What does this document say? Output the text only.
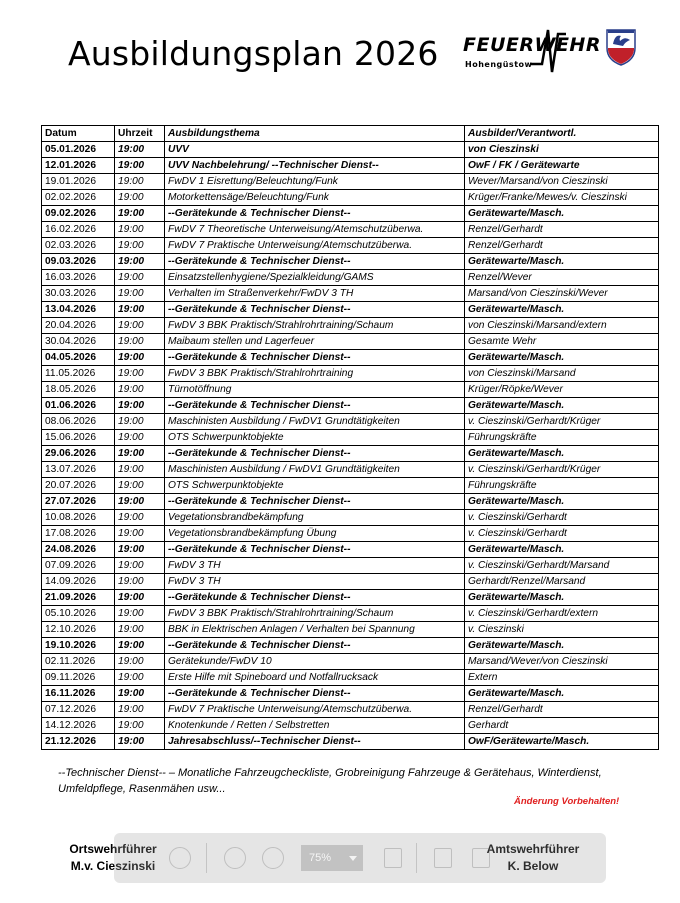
Ausbildungsplan 2026 FEUERWEHR
Hohengüstow
Datum	Uhrzeit	Ausbildungsthema	Ausbilder/Verantwortl.
05.01.2026	19:00	UVV	von Cieszinski
12.01.2026	19:00	UVV Nachbelehrung/ --Technischer Dienst--	OwF / FK / Gerätewarte
19.01.2026	19:00	FwDV 1 Eisrettung/Beleuchtung/Funk	Wever/Marsand/von Cieszinski
02.02.2026	19:00	Motorkettensäge/Beleuchtung/Funk	Krüger/Franke/Mewes/v. Cieszinski
09.02.2026	19:00	--Gerätekunde & Technischer Dienst--	Gerätewarte/Masch.
16.02.2026	19:00	FwDV 7 Theoretische Unterweisung/Atemschutzüberwa.	Renzel/Gerhardt
02.03.2026	19:00	FwDV 7 Praktische Unterweisung/Atemschutzüberwa.	Renzel/Gerhardt
09.03.2026	19:00	--Gerätekunde & Technischer Dienst--	Gerätewarte/Masch.
16.03.2026	19:00	Einsatzstellenhygiene/Spezialkleidung/GAMS	Renzel/Wever
30.03.2026	19:00	Verhalten im Straßenverkehr/FwDV 3 TH	Marsand/von Cieszinski/Wever
13.04.2026	19:00	--Gerätekunde & Technischer Dienst--	Gerätewarte/Masch.
20.04.2026	19:00	FwDV 3 BBK Praktisch/Strahlrohrtraining/Schaum	von Cieszinski/Marsand/extern
30.04.2026	19:00	Maibaum stellen und Lagerfeuer	Gesamte Wehr
04.05.2026	19:00	--Gerätekunde & Technischer Dienst--	Gerätewarte/Masch.
11.05.2026	19:00	FwDV 3 BBK Praktisch/Strahlrohrtraining	von Cieszinski/Marsand
18.05.2026	19:00	Türnotöffnung	Krüger/Röpke/Wever
01.06.2026	19:00	--Gerätekunde & Technischer Dienst--	Gerätewarte/Masch.
08.06.2026	19:00	Maschinisten Ausbildung / FwDV1 Grundtätigkeiten	v. Cieszinski/Gerhardt/Krüger
15.06.2026	19:00	OTS Schwerpunktobjekte	Führungskräfte
29.06.2026	19:00	--Gerätekunde & Technischer Dienst--	Gerätewarte/Masch.
13.07.2026	19:00	Maschinisten Ausbildung / FwDV1 Grundtätigkeiten	v. Cieszinski/Gerhardt/Krüger
20.07.2026	19:00	OTS Schwerpunktobjekte	Führungskräfte
27.07.2026	19:00	--Gerätekunde & Technischer Dienst--	Gerätewarte/Masch.
10.08.2026	19:00	Vegetationsbrandbekämpfung	v. Cieszinski/Gerhardt
17.08.2026	19:00	Vegetationsbrandbekämpfung Übung	v. Cieszinski/Gerhardt
24.08.2026	19:00	--Gerätekunde & Technischer Dienst--	Gerätewarte/Masch.
07.09.2026	19:00	FwDV 3 TH	v. Cieszinski/Gerhardt/Marsand
14.09.2026	19:00	FwDV 3 TH	Gerhardt/Renzel/Marsand
21.09.2026	19:00	--Gerätekunde & Technischer Dienst--	Gerätewarte/Masch.
05.10.2026	19:00	FwDV 3 BBK Praktisch/Strahlrohrtraining/Schaum	v. Cieszinski/Gerhardt/extern
12.10.2026	19:00	BBK in Elektrischen Anlagen / Verhalten bei Spannung	v. Cieszinski
19.10.2026	19:00	--Gerätekunde & Technischer Dienst--	Gerätewarte/Masch.
02.11.2026	19:00	Gerätekunde/FwDV 10	Marsand/Wever/von Cieszinski
09.11.2026	19:00	Erste Hilfe mit Spineboard und Notfallrucksack	Extern
16.11.2026	19:00	--Gerätekunde & Technischer Dienst--	Gerätewarte/Masch.
07.12.2026	19:00	FwDV 7 Praktische Unterweisung/Atemschutzüberwa.	Renzel/Gerhardt
14.12.2026	19:00	Knotenkunde / Retten / Selbstretten	Gerhardt
21.12.2026	19:00	Jahresabschluss/--Technischer Dienst--	OwF/Gerätewarte/Masch.
--Technischer Dienst-- – Monatliche Fahrzeugcheckliste, Grobreinigung Fahrzeuge & Gerätehaus, Winterdienst, Umfeldpflege, Rasenmähen usw...
Änderung Vorbehalten!
Ortswehrführer
M.v. Cieszinski
Amtswehrführer
K. Below
75%
